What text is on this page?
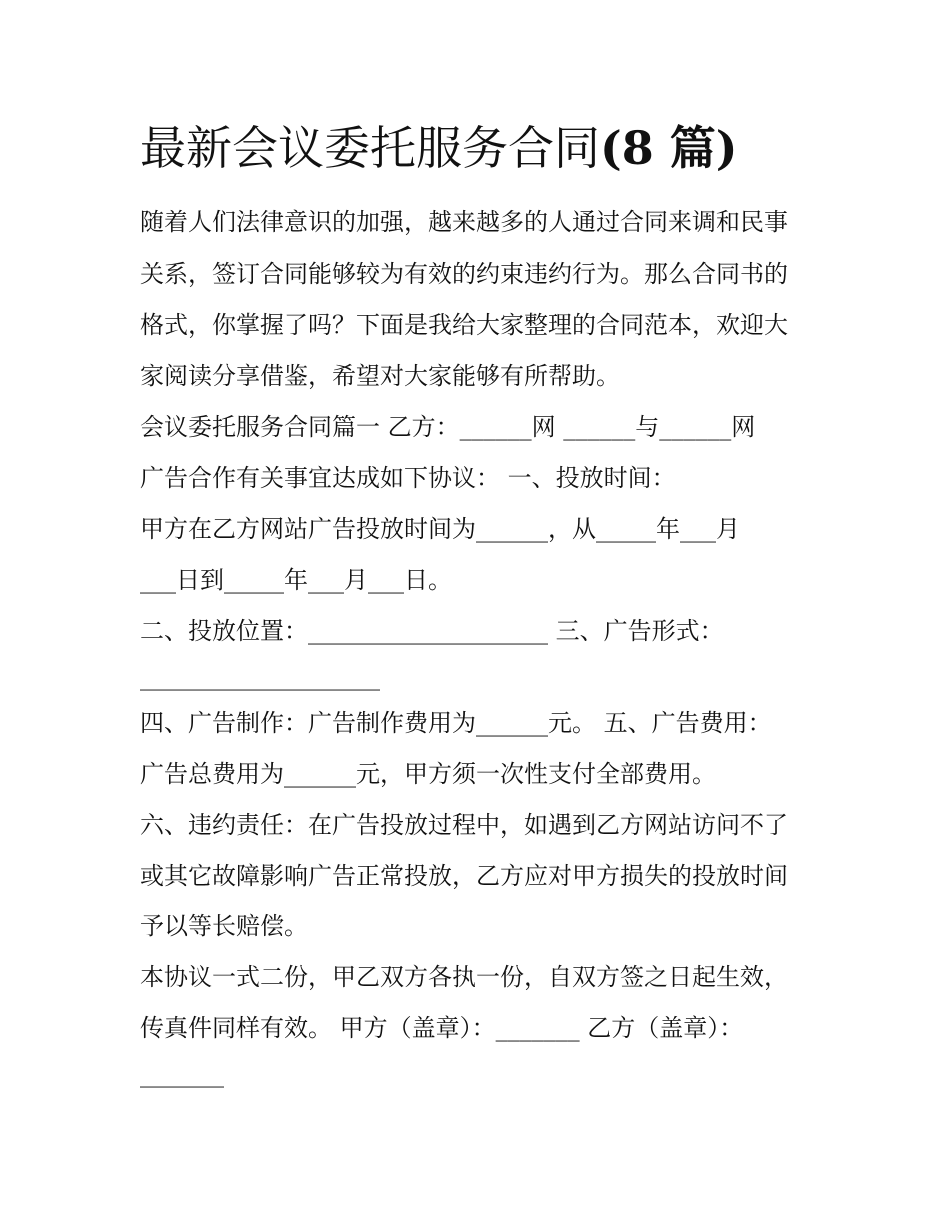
最新会议委托服务合同(8 篇)
随着人们法律意识的加强，越来越多的人通过合同来调和民事
关系，签订合同能够较为有效的约束违约行为。那么合同书的
格式，你掌握了吗？下面是我给大家整理的合同范本，欢迎大
家阅读分享借鉴，希望对大家能够有所帮助。
会议委托服务合同篇一 乙方：______网 ______与______网
广告合作有关事宜达成如下协议： 一、投放时间：
甲方在乙方网站广告投放时间为______，从_____年___月
___日到_____年___月___日。
二、投放位置：____________________ 三、广告形式：
____________________
四、广告制作：广告制作费用为______元。 五、广告费用：
广告总费用为______元，甲方须一次性支付全部费用。
六、违约责任：在广告投放过程中，如遇到乙方网站访问不了
或其它故障影响广告正常投放，乙方应对甲方损失的投放时间
予以等长赔偿。
本协议一式二份，甲乙双方各执一份，自双方签之日起生效，
传真件同样有效。 甲方（盖章）：_______ 乙方（盖章）：
_______
